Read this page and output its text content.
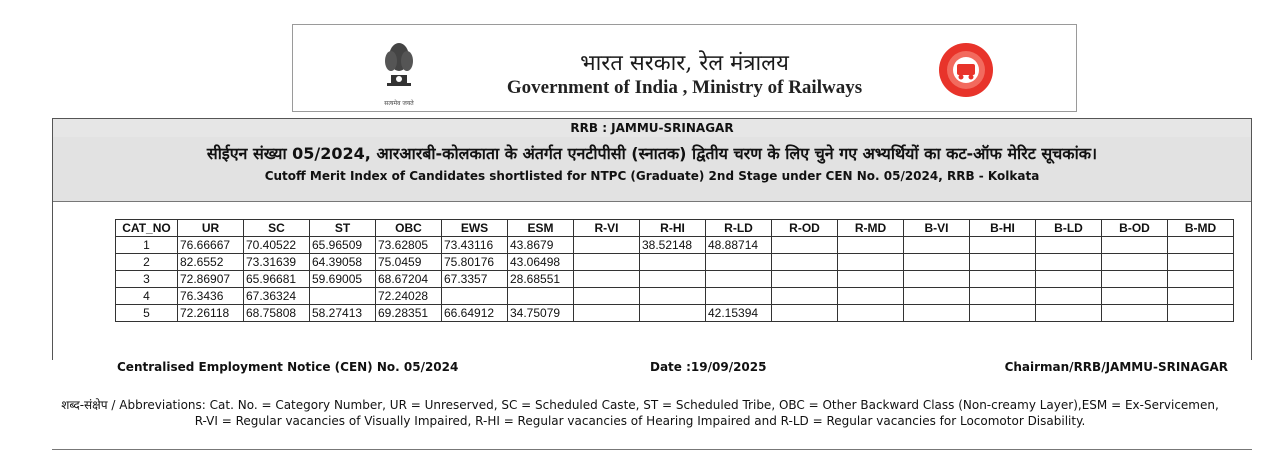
सत्यमेव जयते
भारत सरकार, रेल मंत्रालय
Government of India , Ministry of Railways
RRB : JAMMU-SRINAGAR
सीईएन संख्या 05/2024, आरआरबी-कोलकाता के अंतर्गत एनटीपीसी (स्नातक) द्वितीय चरण के लिए चुने गए अभ्यर्थियों का कट-ऑफ मेरिट सूचकांक।
Cutoff Merit Index of Candidates shortlisted for NTPC (Graduate) 2nd Stage under CEN No. 05/2024, RRB - Kolkata
CAT_NO	UR	SC	ST	OBC	EWS	ESM	R-VI	R-HI	R-LD	R-OD	R-MD	B-VI	B-HI	B-LD	B-OD	B-MD
1	76.66667	70.40522	65.96509	73.62805	73.43116	43.8679		38.52148	48.88714							
2	82.6552	73.31639	64.39058	75.0459	75.80176	43.06498										
3	72.86907	65.96681	59.69005	68.67204	67.3357	28.68551										
4	76.3436	67.36324		72.24028												
5	72.26118	68.75808	58.27413	69.28351	66.64912	34.75079			42.15394							
Centralised Employment Notice (CEN) No. 05/2024	Date :19/09/2025	Chairman/RRB/JAMMU-SRINAGAR
शब्द-संक्षेप / Abbreviations: Cat. No. = Category Number, UR = Unreserved, SC = Scheduled Caste, ST = Scheduled Tribe, OBC = Other Backward Class (Non-creamy Layer),ESM = Ex-Servicemen,
R-VI = Regular vacancies of Visually Impaired, R-HI = Regular vacancies of Hearing Impaired and R-LD = Regular vacancies for Locomotor Disability.
